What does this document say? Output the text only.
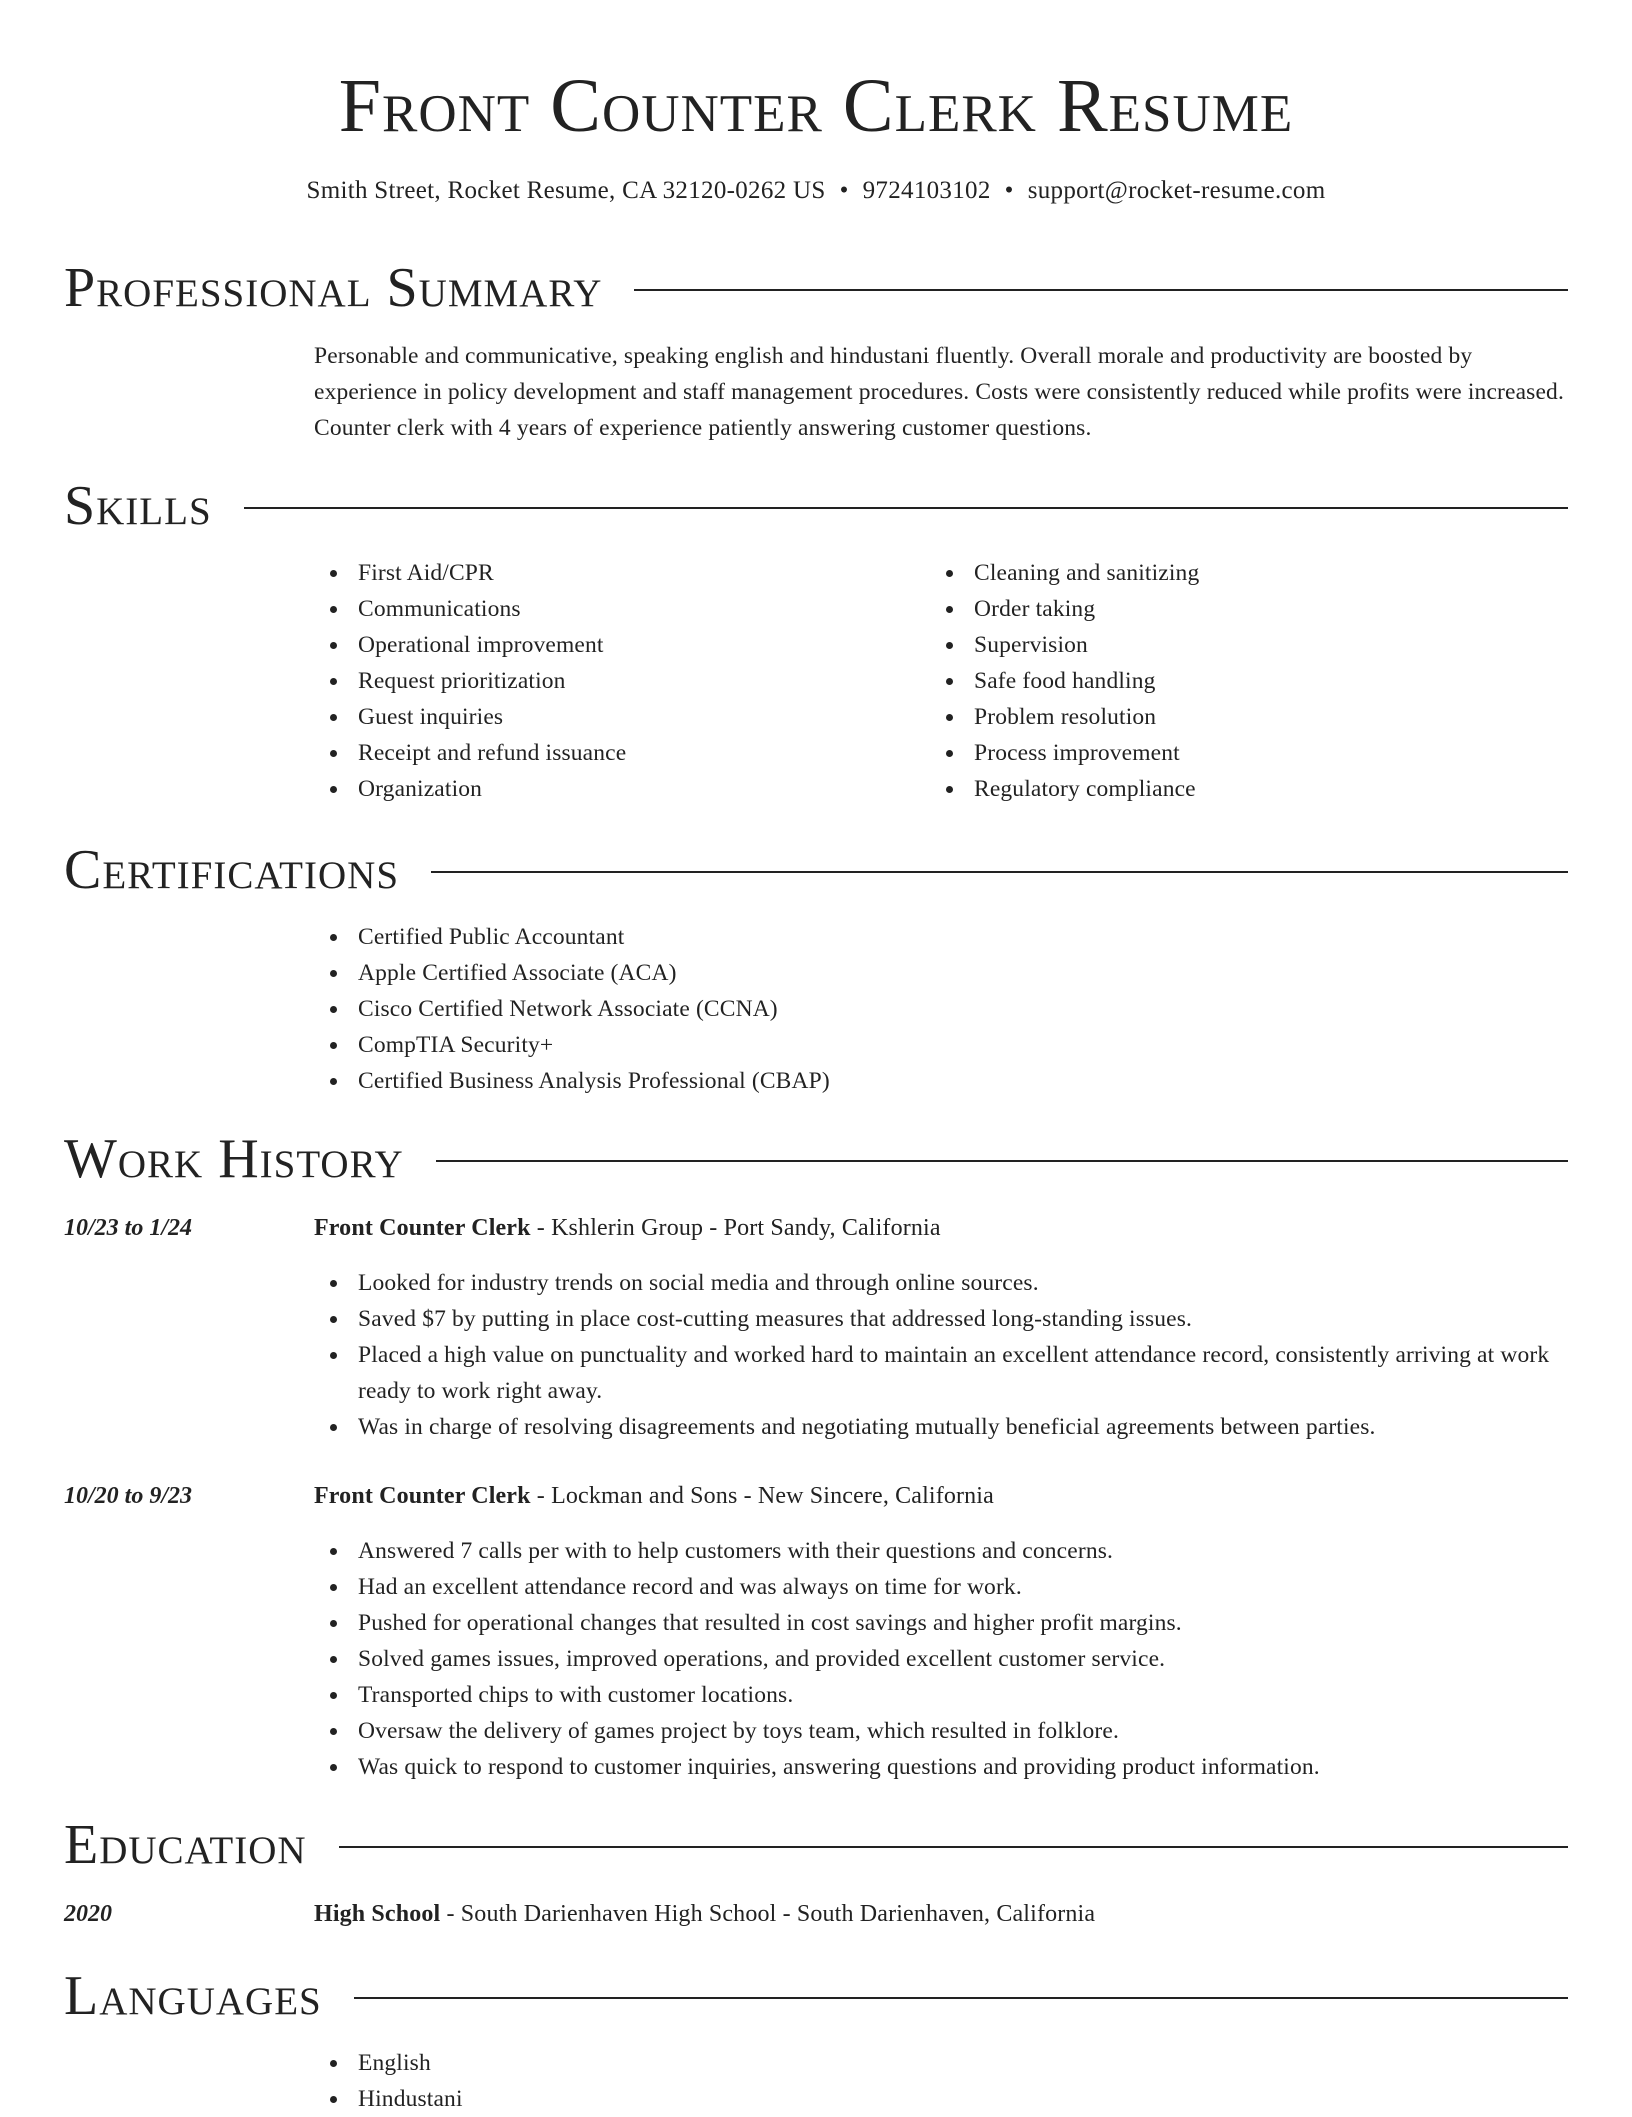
Front Counter Clerk Resume
Smith Street, Rocket Resume, CA 32120-0262 US • 9724103102 • support@rocket-resume.com
Professional Summary

Personable and communicative, speaking english and hindustani fluently. Overall morale and productivity are boosted by experience in policy development and staff management procedures. Costs were consistently reduced while profits were increased. Counter clerk with 4 years of experience patiently answering customer questions.

Skills
First Aid/CPR
Communications
Operational improvement
Request prioritization
Guest inquiries
Receipt and refund issuance
Organization
Cleaning and sanitizing
Order taking
Supervision
Safe food handling
Problem resolution
Process improvement
Regulatory compliance
Certifications
Certified Public Accountant
Apple Certified Associate (ACA)
Cisco Certified Network Associate (CCNA)
CompTIA Security+
Certified Business Analysis Professional (CBAP)
Work History
10/23 to 1/24	Front Counter Clerk - Kshlerin Group - Port Sandy, California
Looked for industry trends on social media and through online sources.
Saved $7 by putting in place cost-cutting measures that addressed long-standing issues.
Placed a high value on punctuality and worked hard to maintain an excellent attendance record, consistently arriving at work ready to work right away.
Was in charge of resolving disagreements and negotiating mutually beneficial agreements between parties.
10/20 to 9/23	Front Counter Clerk - Lockman and Sons - New Sincere, California
Answered 7 calls per with to help customers with their questions and concerns.
Had an excellent attendance record and was always on time for work.
Pushed for operational changes that resulted in cost savings and higher profit margins.
Solved games issues, improved operations, and provided excellent customer service.
Transported chips to with customer locations.
Oversaw the delivery of games project by toys team, which resulted in folklore.
Was quick to respond to customer inquiries, answering questions and providing product information.
Education
2020	High School - South Darienhaven High School - South Darienhaven, California
Languages
English
Hindustani
